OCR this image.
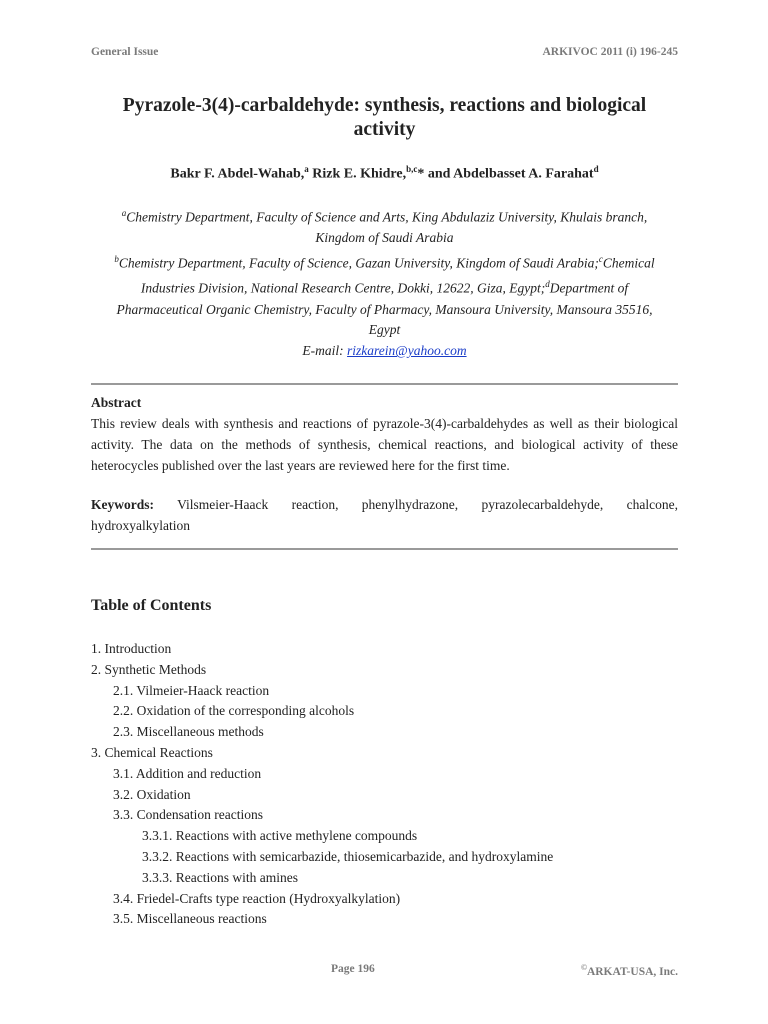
General Issue	ARKIVOC 2011 (i) 196-245
Pyrazole-3(4)-carbaldehyde: synthesis, reactions and biological activity
Bakr F. Abdel-Wahab,$^a$ Rizk E. Khidre,$^{b,c}$* and Abdelbasset A. Farahat$^d$
$^a$Chemistry Department, Faculty of Science and Arts, King Abdulaziz University, Khulais branch, Kingdom of Saudi Arabia
$^b$Chemistry Department, Faculty of Science, Gazan University, Kingdom of Saudi Arabia;$^c$Chemical Industries Division, National Research Centre, Dokki, 12622, Giza, Egypt;$^d$Department of Pharmaceutical Organic Chemistry, Faculty of Pharmacy, Mansoura University, Mansoura 35516, Egypt
E-mail: rizkarein@yahoo.com
Abstract
This review deals with synthesis and reactions of pyrazole-3(4)-carbaldehydes as well as their biological activity. The data on the methods of synthesis, chemical reactions, and biological activity of these heterocycles published over the last years are reviewed here for the first time.
Keywords: Vilsmeier-Haack reaction, phenylhydrazone, pyrazolecarbaldehyde, chalcone, hydroxyalkylation
Table of Contents
1. Introduction
2. Synthetic Methods
2.1. Vilmeier-Haack reaction
2.2. Oxidation of the corresponding alcohols
2.3. Miscellaneous methods
3. Chemical Reactions
3.1. Addition and reduction
3.2. Oxidation
3.3. Condensation reactions
3.3.1. Reactions with active methylene compounds
3.3.2. Reactions with semicarbazide, thiosemicarbazide, and hydroxylamine
3.3.3. Reactions with amines
3.4. Friedel-Crafts type reaction (Hydroxyalkylation)
3.5. Miscellaneous reactions
Page 196	©ARKAT-USA, Inc.
